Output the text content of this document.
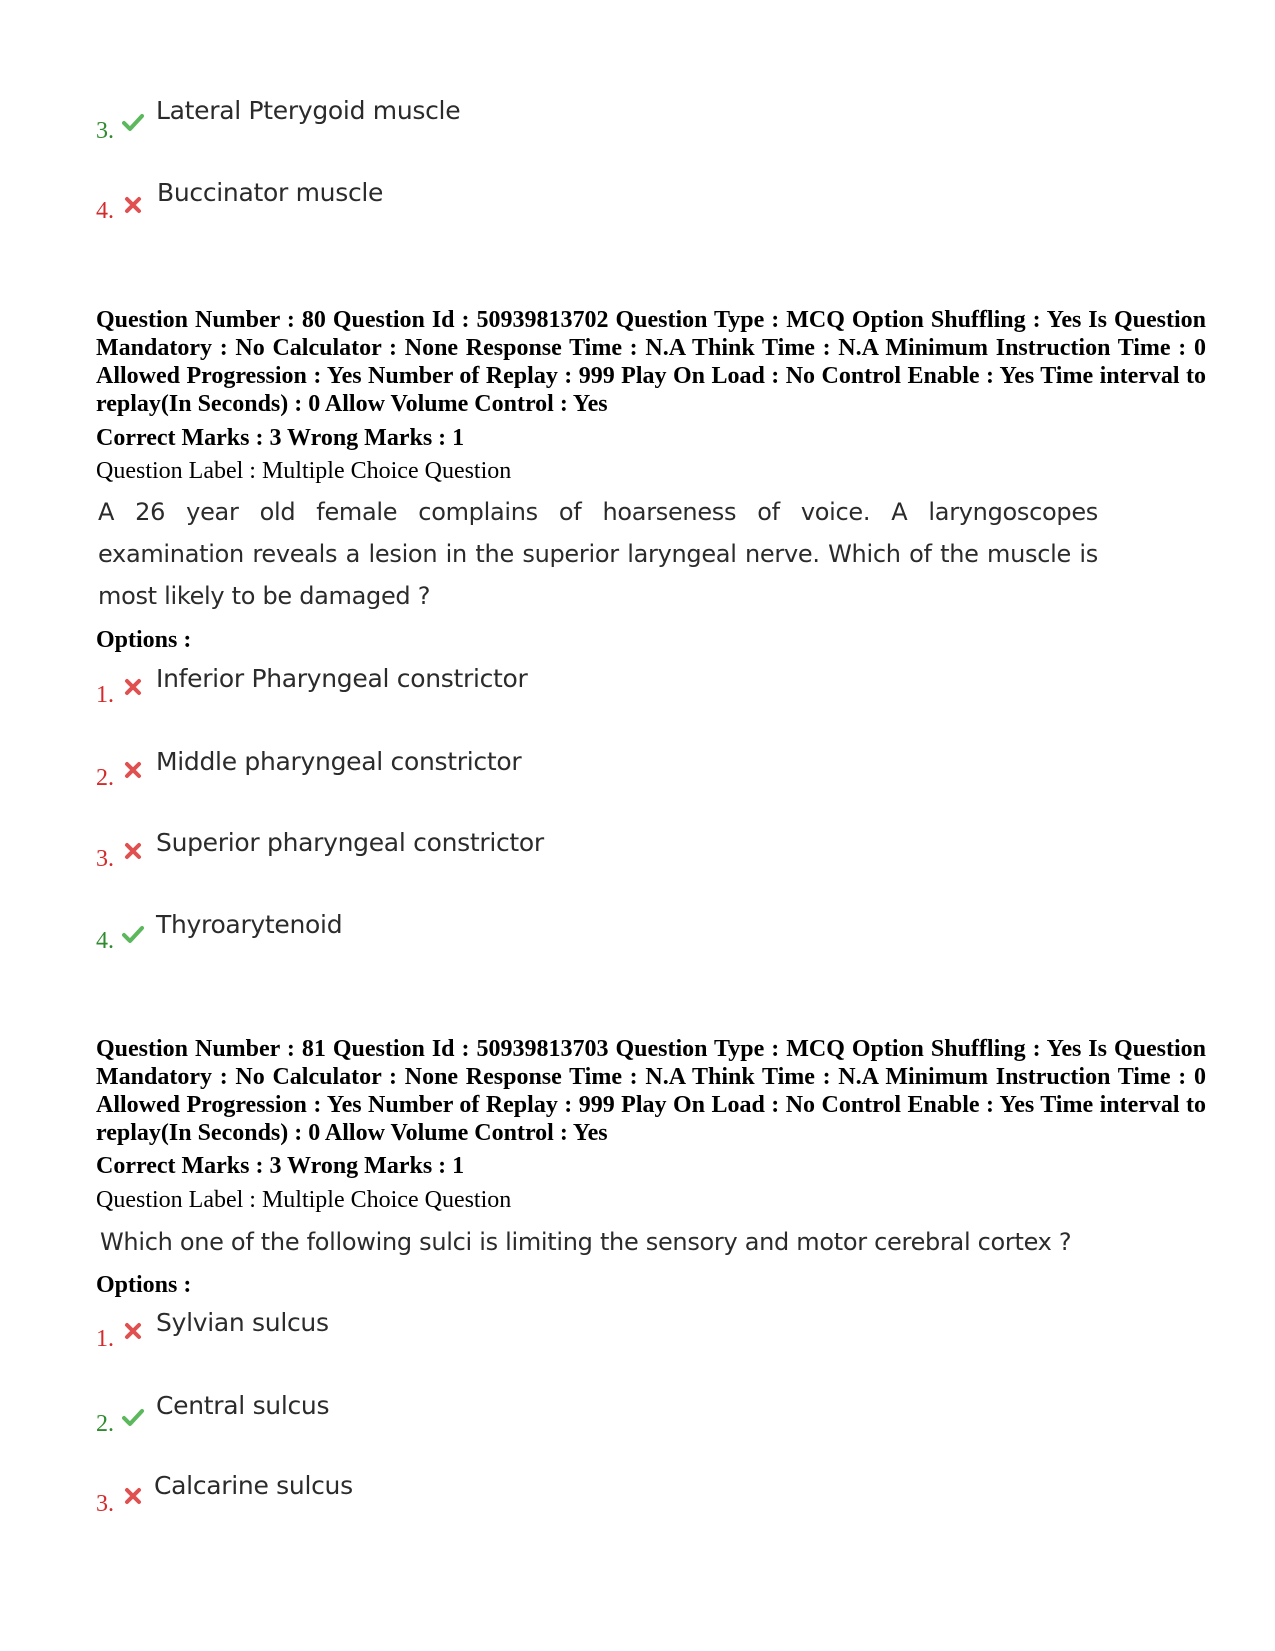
3.
Lateral Pterygoid muscle
4.
Buccinator muscle
Question Number : 80 Question Id : 50939813702 Question Type : MCQ Option Shuffling : Yes Is Question Mandatory : No Calculator : None Response Time : N.A Think Time : N.A Minimum Instruction Time : 0 Allowed Progression : Yes Number of Replay : 999 Play On Load : No Control Enable : Yes Time interval to replay(In Seconds) : 0 Allow Volume Control : Yes
Correct Marks : 3 Wrong Marks : 1
Question Label : Multiple Choice Question
A 26 year old female complains of hoarseness of voice. A laryngoscopes examination reveals a lesion in the superior laryngeal nerve. Which of the muscle is most likely to be damaged ?
Options :
1.
Inferior Pharyngeal constrictor
2.
Middle pharyngeal constrictor
3.
Superior pharyngeal constrictor
4.
Thyroarytenoid
Question Number : 81 Question Id : 50939813703 Question Type : MCQ Option Shuffling : Yes Is Question Mandatory : No Calculator : None Response Time : N.A Think Time : N.A Minimum Instruction Time : 0 Allowed Progression : Yes Number of Replay : 999 Play On Load : No Control Enable : Yes Time interval to replay(In Seconds) : 0 Allow Volume Control : Yes
Correct Marks : 3 Wrong Marks : 1
Question Label : Multiple Choice Question
Which one of the following sulci is limiting the sensory and motor cerebral cortex ?
Options :
1.
Sylvian sulcus
2.
Central sulcus
3.
Calcarine sulcus
